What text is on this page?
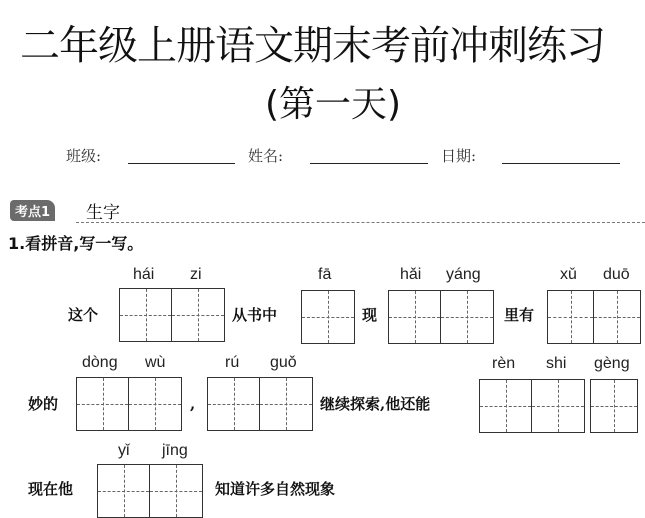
二年级上册语文期末考前冲刺练习
(第一天)
班级:	姓名:	日期:
考点1 生字
1.看拼音,写一写。
这个
hái zi
从书中
fā
现
hǎi yáng
里有
xǔ duō
妙的
dòng wù
,
rú guǒ
继续探索,他还能
rèn shi gèng
yǐ jīng
现在他	知道许多自然现象
